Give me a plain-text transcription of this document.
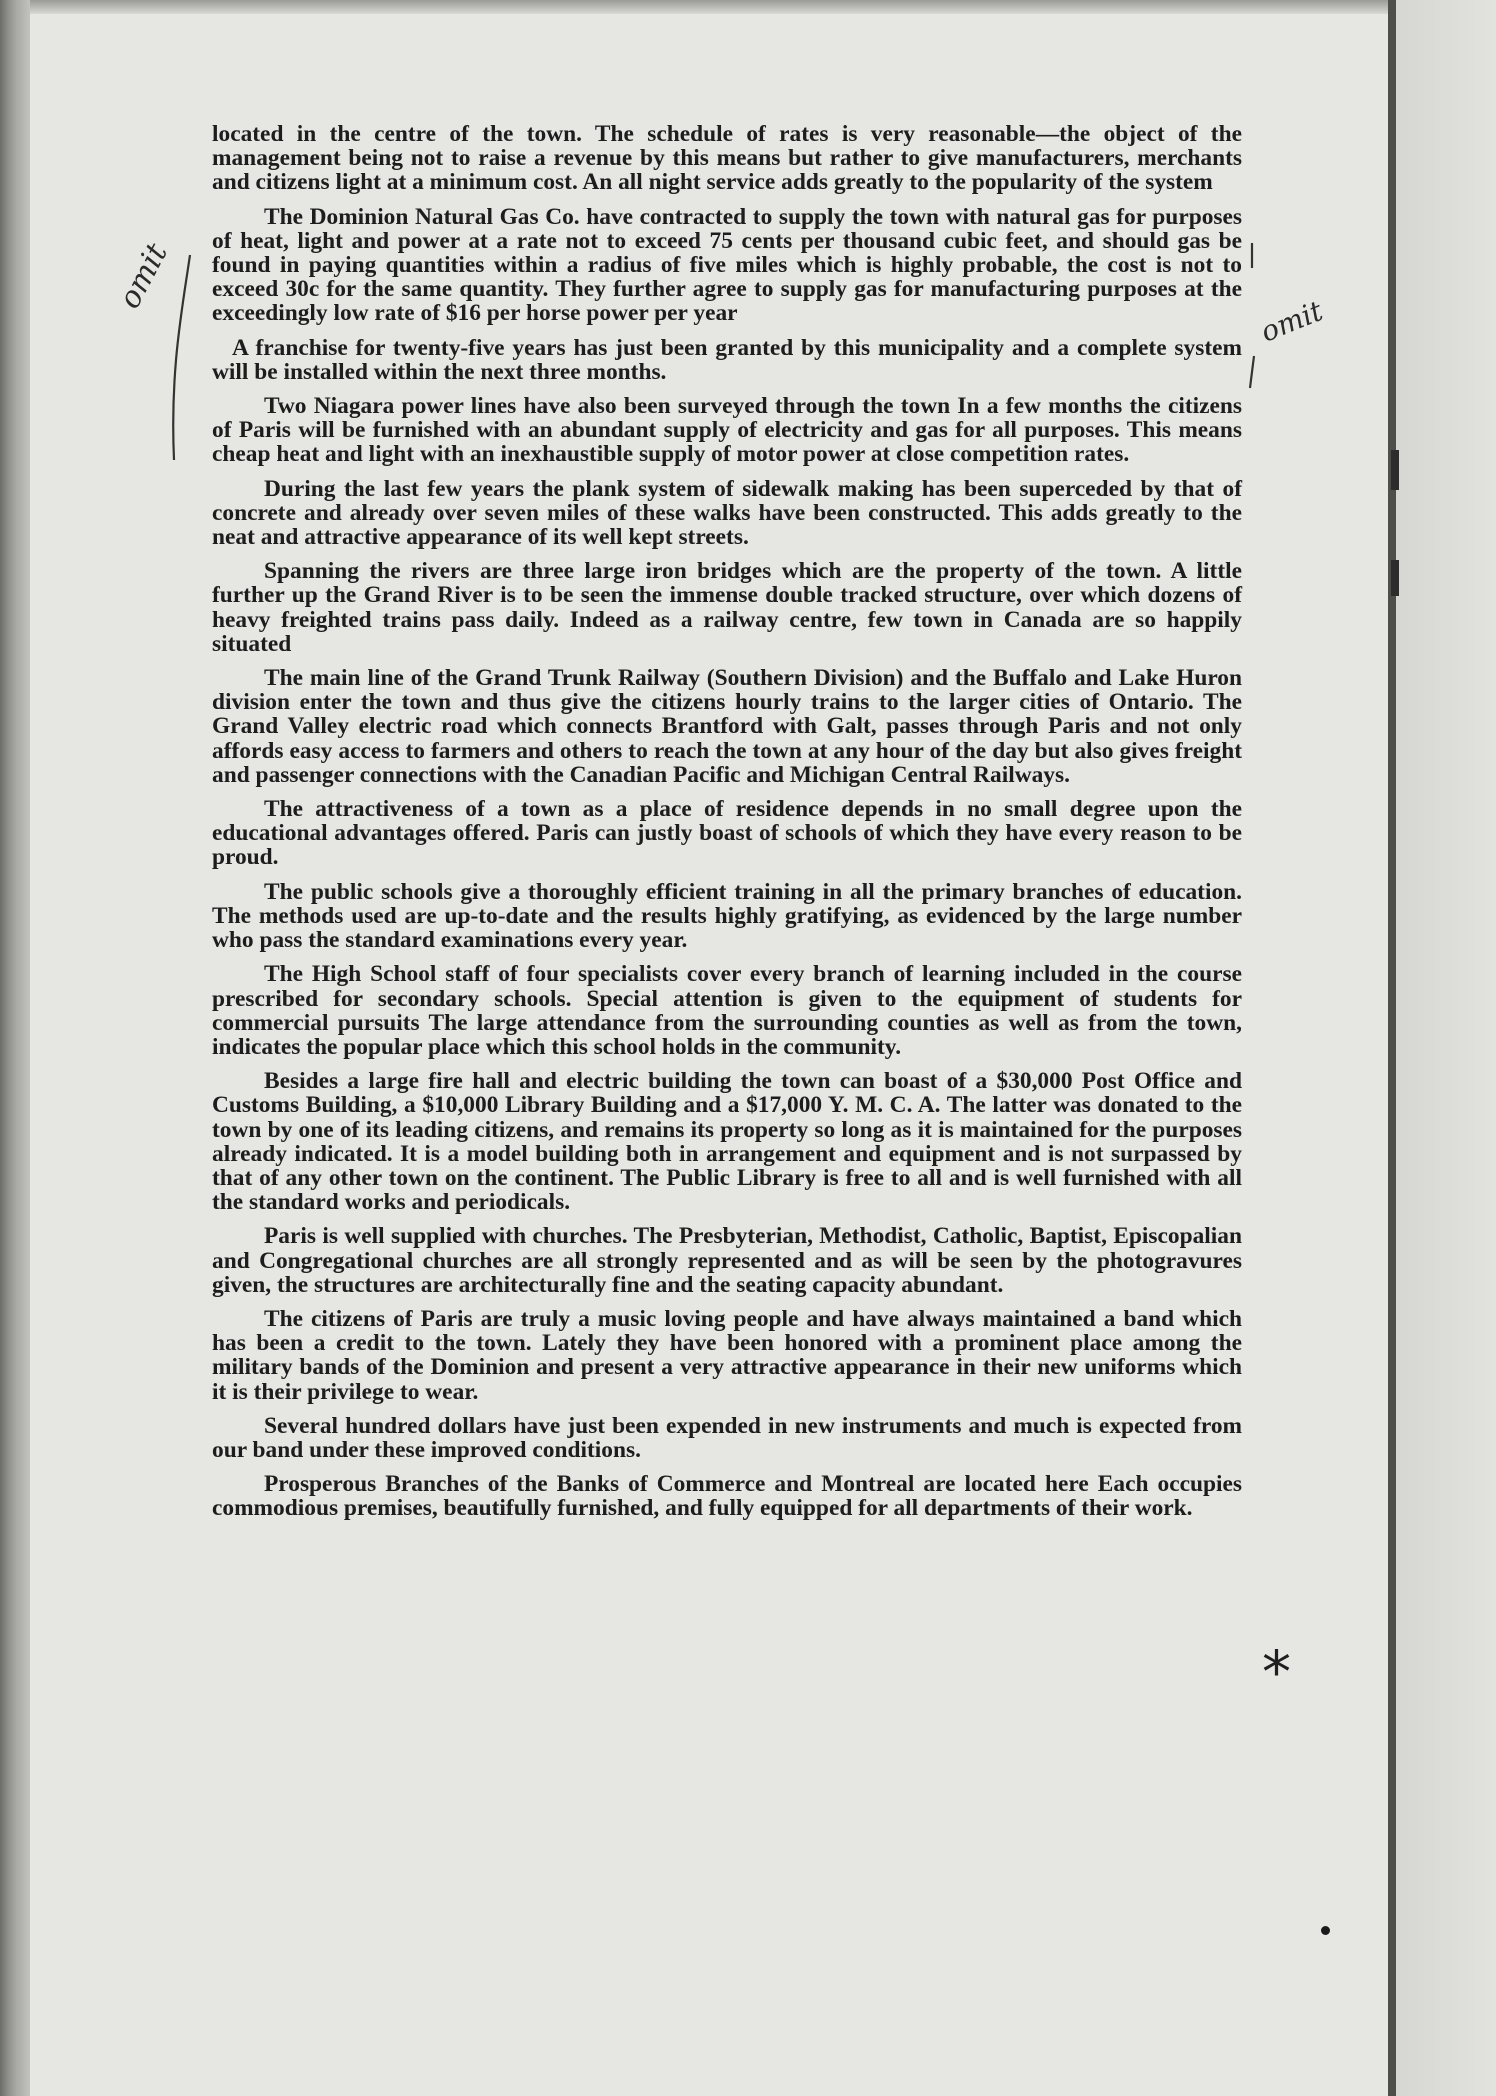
located in the centre of the town. The schedule of rates is very reasonable—the object of the management being not to raise a revenue by this means but rather to give manufacturers, merchants and citizens light at a minimum cost. An all night service adds greatly to the popularity of the system

The Dominion Natural Gas Co. have contracted to supply the town with natural gas for purposes of heat, light and power at a rate not to exceed 75 cents per thousand cubic feet, and should gas be found in paying quantities within a radius of five miles which is highly probable, the cost is not to exceed 30c for the same quantity. They further agree to supply gas for manufacturing purposes at the exceedingly low rate of $16 per horse power per year

A franchise for twenty-five years has just been granted by this municipality and a complete system will be installed within the next three months.

Two Niagara power lines have also been surveyed through the town In a few months the citizens of Paris will be furnished with an abundant supply of electricity and gas for all purposes. This means cheap heat and light with an inexhaustible supply of motor power at close competition rates.

During the last few years the plank system of sidewalk making has been superceded by that of concrete and already over seven miles of these walks have been constructed. This adds greatly to the neat and attractive appearance of its well kept streets.

Spanning the rivers are three large iron bridges which are the property of the town. A little further up the Grand River is to be seen the immense double tracked structure, over which dozens of heavy freighted trains pass daily. Indeed as a railway centre, few town in Canada are so happily situated

The main line of the Grand Trunk Railway (Southern Division) and the Buffalo and Lake Huron division enter the town and thus give the citizens hourly trains to the larger cities of Ontario. The Grand Valley electric road which connects Brantford with Galt, passes through Paris and not only affords easy access to farmers and others to reach the town at any hour of the day but also gives freight and passenger connections with the Canadian Pacific and Michigan Central Railways.

The attractiveness of a town as a place of residence depends in no small degree upon the educational advantages offered. Paris can justly boast of schools of which they have every reason to be proud.

The public schools give a thoroughly efficient training in all the primary branches of education. The methods used are up-to-date and the results highly gratifying, as evidenced by the large number who pass the standard examinations every year.

The High School staff of four specialists cover every branch of learning included in the course prescribed for secondary schools. Special attention is given to the equipment of students for commercial pursuits The large attendance from the surrounding counties as well as from the town, indicates the popular place which this school holds in the community.

Besides a large fire hall and electric building the town can boast of a $30,000 Post Office and Customs Building, a $10,000 Library Building and a $17,000 Y. M. C. A. The latter was donated to the town by one of its leading citizens, and remains its property so long as it is maintained for the purposes already indicated. It is a model building both in arrangement and equipment and is not surpassed by that of any other town on the continent. The Public Library is free to all and is well furnished with all the standard works and periodicals.

Paris is well supplied with churches. The Presbyterian, Methodist, Catholic, Baptist, Episcopalian and Congregational churches are all strongly represented and as will be seen by the photogravures given, the structures are architecturally fine and the seating capacity abundant.

The citizens of Paris are truly a music loving people and have always maintained a band which has been a credit to the town. Lately they have been honored with a prominent place among the military bands of the Dominion and present a very attractive appearance in their new uniforms which it is their privilege to wear.

Several hundred dollars have just been expended in new instruments and much is expected from our band under these improved conditions.

Prosperous Branches of the Banks of Commerce and Montreal are located here Each occupies commodious premises, beautifully furnished, and fully equipped for all departments of their work.

omit
omit
*
